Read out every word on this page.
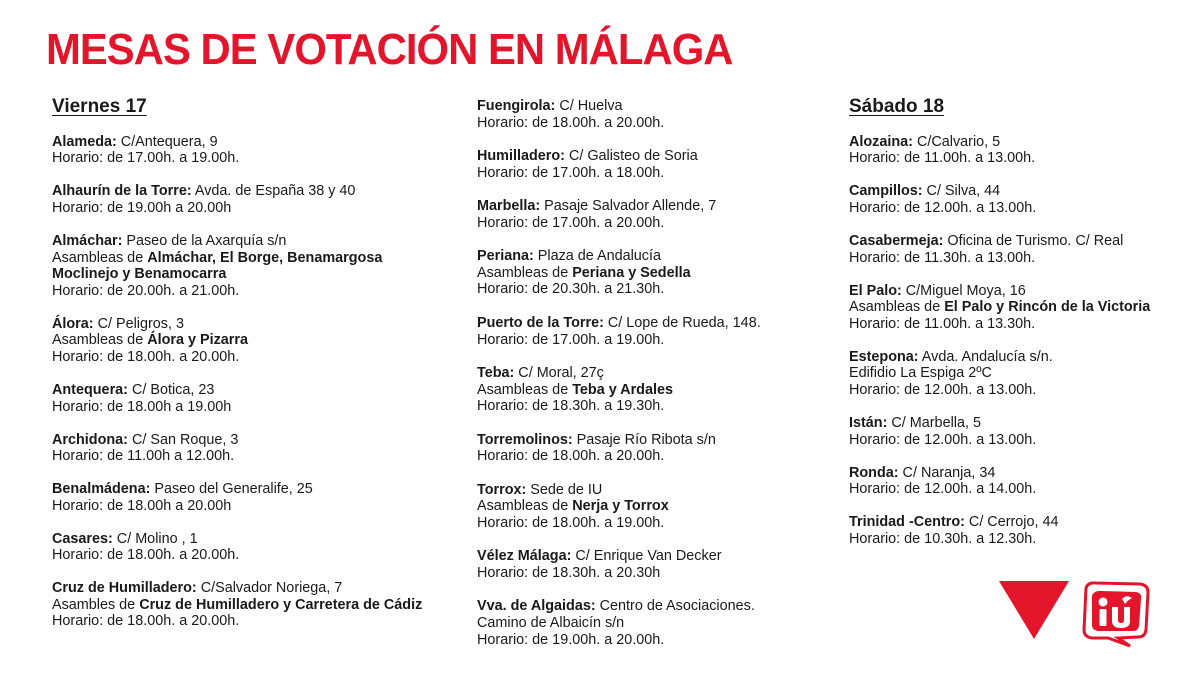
MESAS DE VOTACIÓN EN MÁLAGA
Viernes 17
Alameda: C/Antequera, 9
Horario: de 17.00h. a 19.00h.
Alhaurín de la Torre: Avda. de España 38 y 40
Horario: de 19.00h a 20.00h
Almáchar: Paseo de la Axarquía s/n
Asambleas de Almáchar, El Borge, Benamargosa
Moclinejo y Benamocarra
Horario: de 20.00h. a 21.00h.
Álora: C/ Peligros, 3
Asambleas de Álora y Pizarra
Horario: de 18.00h. a 20.00h.
Antequera: C/ Botica, 23
Horario: de 18.00h a 19.00h
Archidona: C/ San Roque, 3
Horario: de 11.00h a 12.00h.
Benalmádena: Paseo del Generalife, 25
Horario: de 18.00h a 20.00h
Casares: C/ Molino , 1
Horario: de 18.00h. a 20.00h.
Cruz de Humilladero: C/Salvador Noriega, 7
Asambles de Cruz de Humilladero y Carretera de Cádiz
Horario: de 18.00h. a 20.00h.
Fuengirola: C/ Huelva
Horario: de 18.00h. a 20.00h.
Humilladero: C/ Galisteo de Soria
Horario: de 17.00h. a 18.00h.
Marbella: Pasaje Salvador Allende, 7
Horario: de 17.00h. a 20.00h.
Periana: Plaza de Andalucía
Asambleas de Periana y Sedella
Horario: de 20.30h. a 21.30h.
Puerto de la Torre: C/ Lope de Rueda, 148.
Horario: de 17.00h. a 19.00h.
Teba: C/ Moral, 27ç
Asambleas de Teba y Ardales
Horario: de 18.30h. a 19.30h.
Torremolinos: Pasaje Río Ribota s/n
Horario: de 18.00h. a 20.00h.
Torrox: Sede de IU
Asambleas de Nerja y Torrox
Horario: de 18.00h. a 19.00h.
Vélez Málaga: C/ Enrique Van Decker
Horario: de 18.30h. a 20.30h
Vva. de Algaidas: Centro de Asociaciones.
Camino de Albaicín s/n
Horario: de 19.00h. a 20.00h.
Sábado 18
Alozaina: C/Calvario, 5
Horario: de 11.00h. a 13.00h.
Campillos: C/ Silva, 44
Horario: de 12.00h. a 13.00h.
Casabermeja: Oficina de Turismo. C/ Real
Horario: de 11.30h. a 13.00h.
El Palo: C/Miguel Moya, 16
Asambleas de El Palo y Rincón de la Victoria
Horario: de 11.00h. a 13.30h.
Estepona: Avda. Andalucía s/n.
Edifidio La Espiga 2ºC
Horario: de 12.00h. a 13.00h.
Istán: C/ Marbella, 5
Horario: de 12.00h. a 13.00h.
Ronda: C/ Naranja, 34
Horario: de 12.00h. a 14.00h.
Trinidad -Centro: C/ Cerrojo, 44
Horario: de 10.30h. a 12.30h.
